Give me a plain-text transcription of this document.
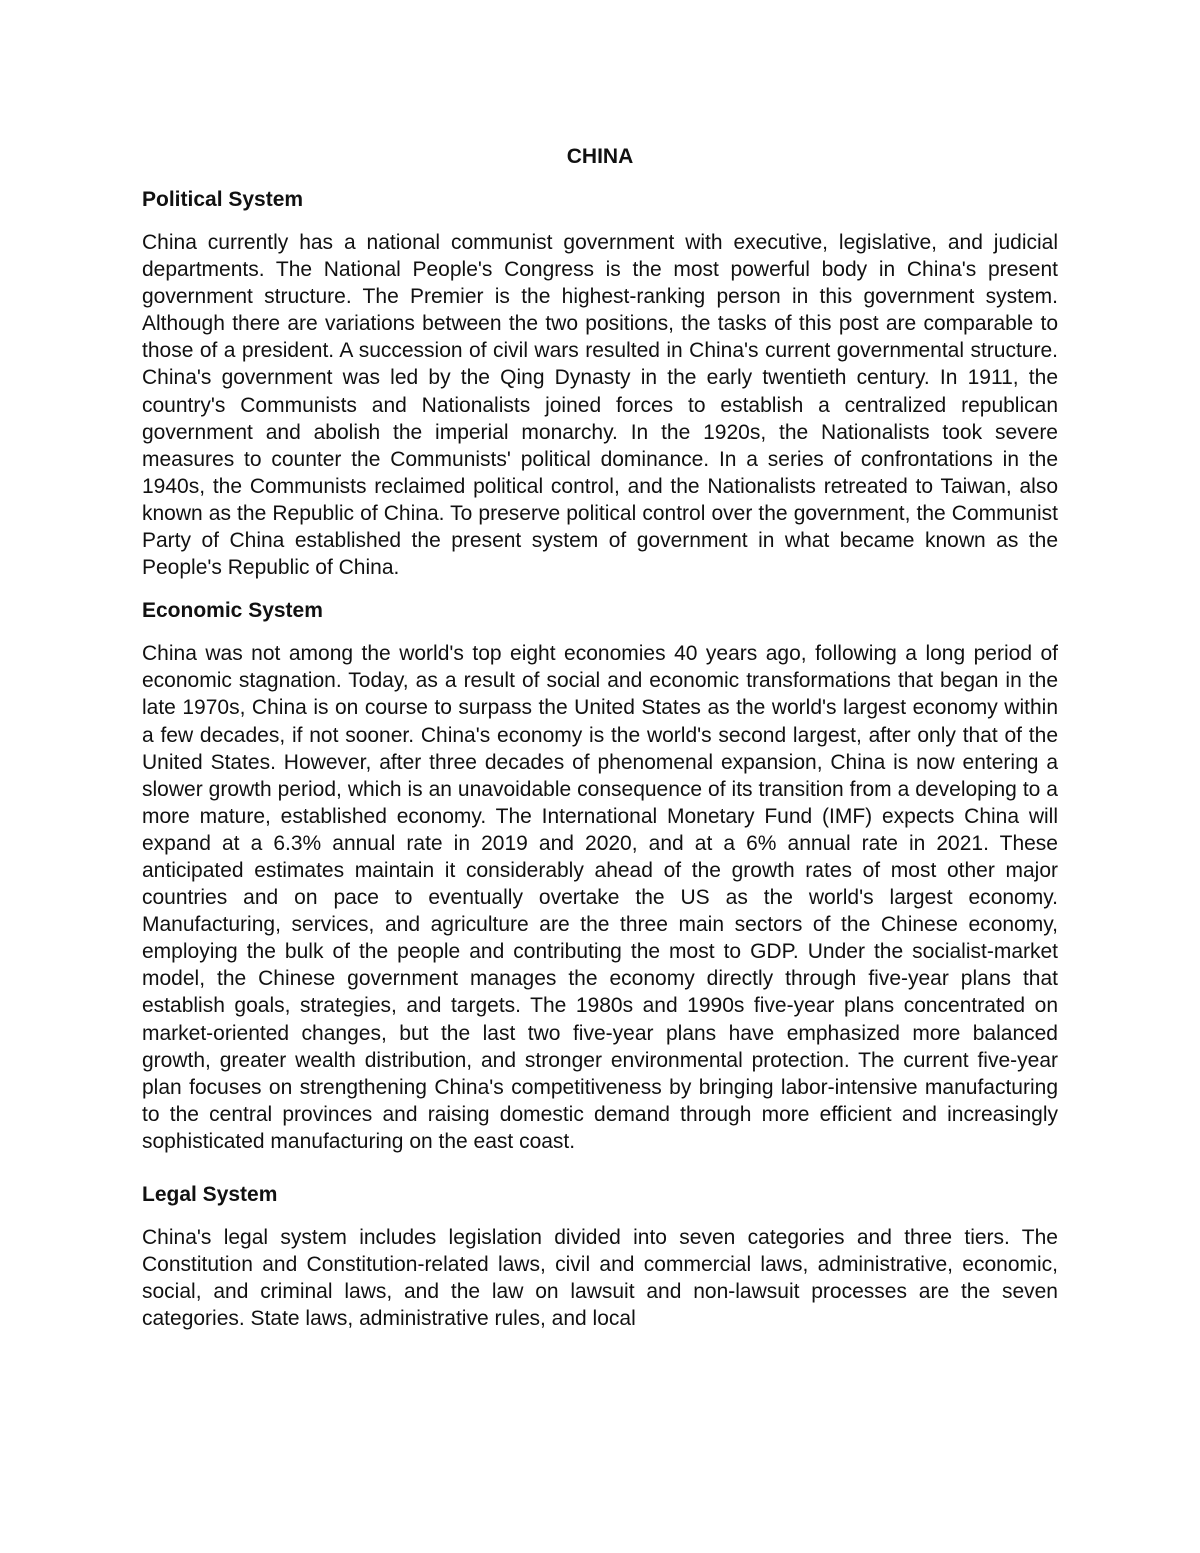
CHINA
Political System
China currently has a national communist government with executive, legislative, and judicial departments. The National People's Congress is the most powerful body in China's present government structure. The Premier is the highest-ranking person in this government system. Although there are variations between the two positions, the tasks of this post are comparable to those of a president. A succession of civil wars resulted in China's current governmental structure. China's government was led by the Qing Dynasty in the early twentieth century. In 1911, the country's Communists and Nationalists joined forces to establish a centralized republican government and abolish the imperial monarchy. In the 1920s, the Nationalists took severe measures to counter the Communists' political dominance. In a series of confrontations in the 1940s, the Communists reclaimed political control, and the Nationalists retreated to Taiwan, also known as the Republic of China. To preserve political control over the government, the Communist Party of China established the present system of government in what became known as the People's Republic of China.
Economic System
China was not among the world's top eight economies 40 years ago, following a long period of economic stagnation. Today, as a result of social and economic transformations that began in the late 1970s, China is on course to surpass the United States as the world's largest economy within a few decades, if not sooner. China's economy is the world's second largest, after only that of the United States. However, after three decades of phenomenal expansion, China is now entering a slower growth period, which is an unavoidable consequence of its transition from a developing to a more mature, established economy. The International Monetary Fund (IMF) expects China will expand at a 6.3% annual rate in 2019 and 2020, and at a 6% annual rate in 2021. These anticipated estimates maintain it considerably ahead of the growth rates of most other major countries and on pace to eventually overtake the US as the world's largest economy. Manufacturing, services, and agriculture are the three main sectors of the Chinese economy, employing the bulk of the people and contributing the most to GDP. Under the socialist-market model, the Chinese government manages the economy directly through five-year plans that establish goals, strategies, and targets. The 1980s and 1990s five-year plans concentrated on market-oriented changes, but the last two five-year plans have emphasized more balanced growth, greater wealth distribution, and stronger environmental protection. The current five-year plan focuses on strengthening China's competitiveness by bringing labor-intensive manufacturing to the central provinces and raising domestic demand through more efficient and increasingly sophisticated manufacturing on the east coast.
Legal System
China's legal system includes legislation divided into seven categories and three tiers. The Constitution and Constitution-related laws, civil and commercial laws, administrative, economic, social, and criminal laws, and the law on lawsuit and non-lawsuit processes are the seven categories. State laws, administrative rules, and local
